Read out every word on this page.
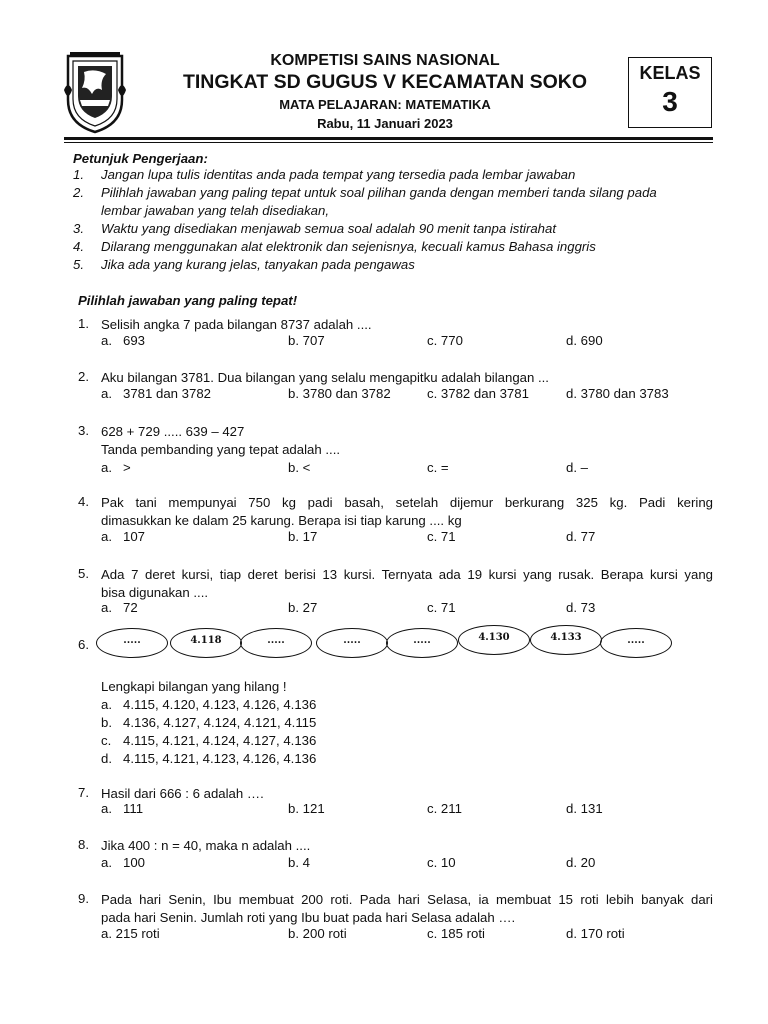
KOMPETISI SAINS NASIONAL
TINGKAT SD GUGUS V KECAMATAN SOKO
MATA PELAJARAN: MATEMATIKA
Rabu, 11 Januari 2023
KELAS
3
Petunjuk Pengerjaan:
1. Jangan lupa tulis identitas anda pada tempat yang tersedia pada lembar jawaban
2. Pilihlah jawaban yang paling tepat untuk soal pilihan ganda dengan memberi tanda silang pada
lembar jawaban yang telah disediakan,
3. Waktu yang disediakan menjawab semua soal adalah 90 menit tanpa istirahat
4. Dilarang menggunakan alat elektronik dan sejenisnya, kecuali kamus Bahasa inggris
5. Jika ada yang kurang jelas, tanyakan pada pengawas
Pilihlah jawaban yang paling tepat!
1. Selisih angka 7 pada bilangan 8737 adalah ....
a. 693	b. 707	c. 770	d. 690
2. Aku bilangan 3781. Dua bilangan yang selalu mengapitku adalah bilangan ...
a. 3781 dan 3782	b. 3780 dan 3782	c. 3782 dan 3781	d. 3780 dan 3783
3. 628 + 729 ..... 639 – 427
Tanda pembanding yang tepat adalah ....
a. >	b. <	c. =	d. –
4. Pak tani mempunyai 750 kg padi basah, setelah dijemur berkurang 325 kg. Padi kering
dimasukkan ke dalam 25 karung. Berapa isi tiap karung .... kg
a. 107	b. 17	c. 71	d. 77
5. Ada 7 deret kursi, tiap deret berisi 13 kursi. Ternyata ada 19 kursi yang rusak. Berapa kursi yang
bisa digunakan ....
a. 72	b. 27	c. 71	d. 73
6.	.....	4.118	.....	.....	.....	4.130	4.133	.....
Lengkapi bilangan yang hilang !
a. 4.115, 4.120, 4.123, 4.126, 4.136
b. 4.136, 4.127, 4.124, 4.121, 4.115
c. 4.115, 4.121, 4.124, 4.127, 4.136
d. 4.115, 4.121, 4.123, 4.126, 4.136
7. Hasil dari 666 : 6 adalah ….
a. 111	b. 121	c. 211	d. 131
8. Jika 400 : n = 40, maka n adalah ....
a. 100	b. 4	c. 10	d. 20
9. Pada hari Senin, Ibu membuat 200 roti. Pada hari Selasa, ia membuat 15 roti lebih banyak dari
pada hari Senin. Jumlah roti yang Ibu buat pada hari Selasa adalah ….
a. 215 roti	b. 200 roti	c. 185 roti	d. 170 roti
